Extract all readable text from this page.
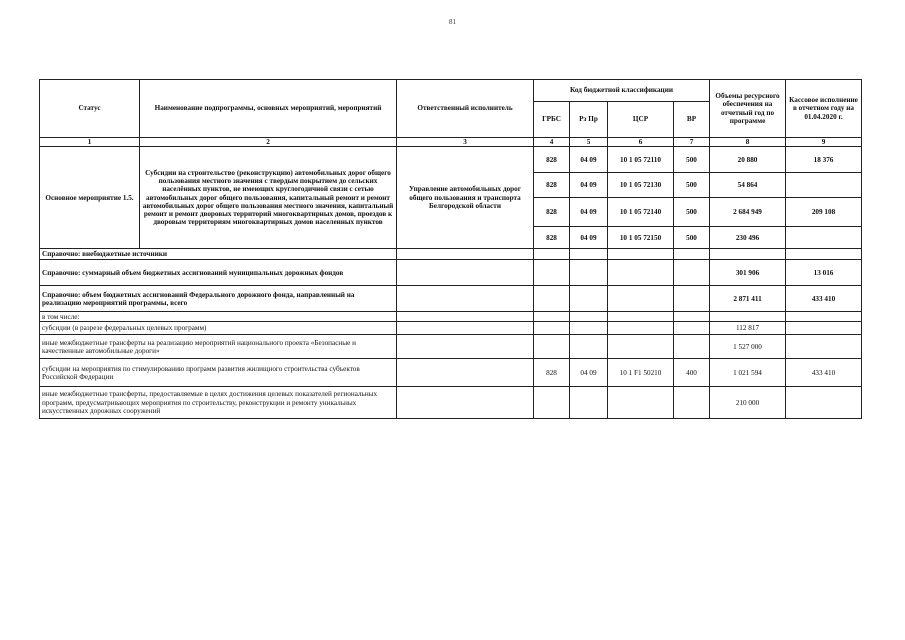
81
Статус	Наименование подпрограммы, основных мероприятий, мероприятий	Ответственный исполнитель	Код бюджетной классификации				Объемы ресурсного обеспечения на отчетный год по программе	Кассовое исполнение в отчетном году на 01.04.2020 г.
			ГРБС	Рз Пр	ЦСР	ВР		
1	2	3	4	5	6	7	8	9
Основное мероприятие 1.5.	Субсидии на строительство (реконструкцию) автомобильных дорог общего пользования местного значения с твердым покрытием до сельских населённых пунктов, не имеющих круглогодичной связи с сетью автомобильных дорог общего пользования, капитальный ремонт и ремонт автомобильных дорог общего пользования местного значения, капитальный ремонт и ремонт дворовых территорий многоквартирных домов, проездов к дворовым территориям многоквартирных домов населенных пунктов	Управление автомобильных дорог общего пользования и транспорта Белгородской области	828	04 09	10 1 05 72110	500	20 880	18 376
			828	04 09	10 1 05 72130	500	54 864	
			828	04 09	10 1 05 72140	500	2 684 949	209 108
			828	04 09	10 1 05 72150	500	230 496	
Справочно: внебюджетные источники								
Справочно: суммарный объем бюджетных ассигнований муниципальных дорожных фондов							301 906	13 016
Справочно: объем бюджетных ассигнований Федерального дорожного фонда, направленный на реализацию мероприятий программы, всего							2 871 411	433 410
в том числе:								
субсидии (в разрезе федеральных целевых программ)							112 817	
иные межбюджетные трансферты на реализацию мероприятий национального проекта «Безопасные и качественные автомобильные дороги»							1 527 000	
субсидии на мероприятия по стимулированию программ развития жилищного строительства субъектов Российской Федерации			828	04 09	10 1 F1 50210	400	1 021 594	433 410
иные межбюджетные трансферты, предоставляемые в целях достижения целевых показателей региональных программ, предусматривающих мероприятия по строительству, реконструкции и ремонту уникальных искусственных дорожных сооружений							210 000	
